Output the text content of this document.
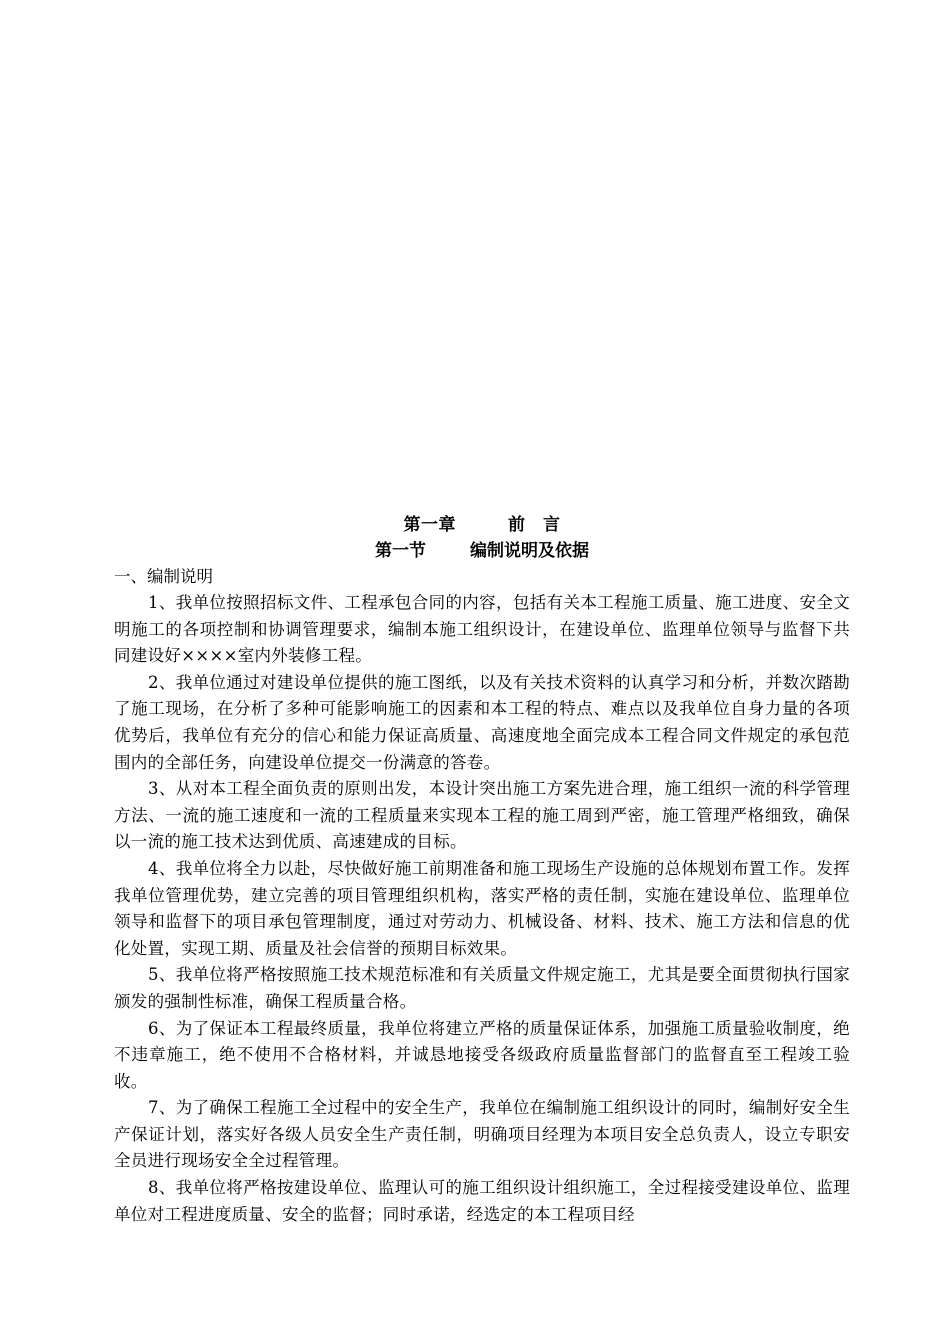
第一章	前　言
第一节	编制说明及依据
一、编制说明

1、我单位按照招标文件、工程承包合同的内容，包括有关本工程施工质量、施工进度、安全文明施工的各项控制和协调管理要求，编制本施工组织设计，在建设单位、监理单位领导与监督下共同建设好××××室内外装修工程。

2、我单位通过对建设单位提供的施工图纸，以及有关技术资料的认真学习和分析，并数次踏勘了施工现场，在分析了多种可能影响施工的因素和本工程的特点、难点以及我单位自身力量的各项优势后，我单位有充分的信心和能力保证高质量、高速度地全面完成本工程合同文件规定的承包范围内的全部任务，向建设单位提交一份满意的答卷。

3、从对本工程全面负责的原则出发，本设计突出施工方案先进合理，施工组织一流的科学管理方法、一流的施工速度和一流的工程质量来实现本工程的施工周到严密，施工管理严格细致，确保以一流的施工技术达到优质、高速建成的目标。

4、我单位将全力以赴，尽快做好施工前期准备和施工现场生产设施的总体规划布置工作。发挥我单位管理优势，建立完善的项目管理组织机构，落实严格的责任制，实施在建设单位、监理单位领导和监督下的项目承包管理制度，通过对劳动力、机械设备、材料、技术、施工方法和信息的优化处置，实现工期、质量及社会信誉的预期目标效果。

5、我单位将严格按照施工技术规范标准和有关质量文件规定施工，尤其是要全面贯彻执行国家颁发的强制性标准，确保工程质量合格。

6、为了保证本工程最终质量，我单位将建立严格的质量保证体系，加强施工质量验收制度，绝不违章施工，绝不使用不合格材料，并诚恳地接受各级政府质量监督部门的监督直至工程竣工验收。

7、为了确保工程施工全过程中的安全生产，我单位在编制施工组织设计的同时，编制好安全生产保证计划，落实好各级人员安全生产责任制，明确项目经理为本项目安全总负责人，设立专职安全员进行现场安全全过程管理。

8、我单位将严格按建设单位、监理认可的施工组织设计组织施工，全过程接受建设单位、监理单位对工程进度质量、安全的监督；同时承诺，经选定的本工程项目经
